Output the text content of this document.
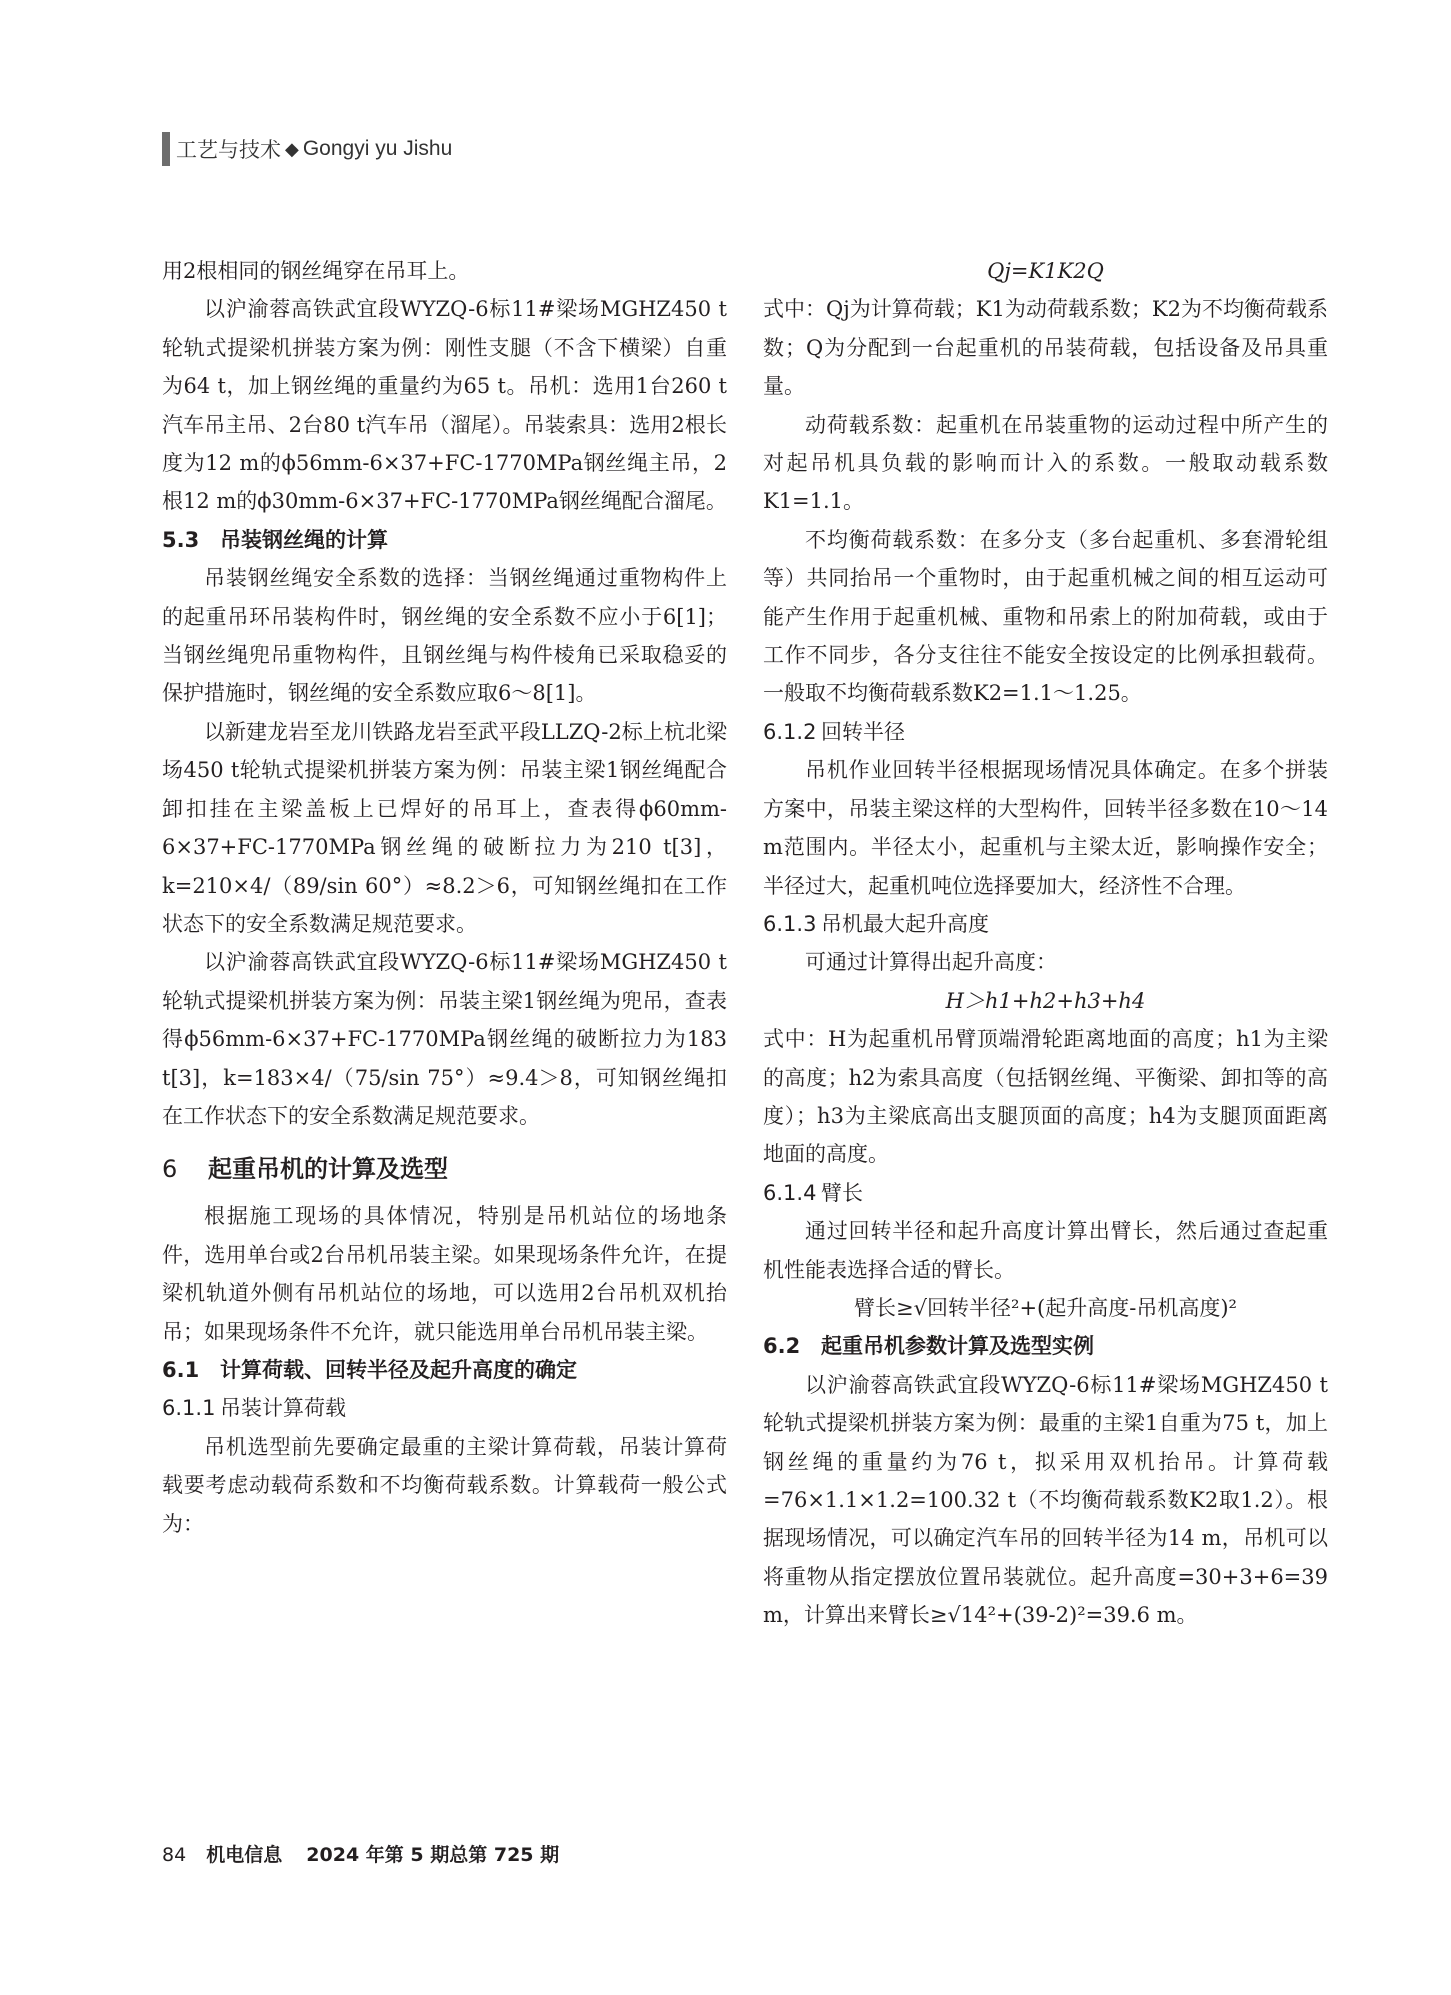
工艺与技术 ◆ Gongyi yu Jishu

用2根相同的钢丝绳穿在吊耳上。

以沪渝蓉高铁武宜段WYZQ-6标11#梁场MGHZ450 t轮轨式提梁机拼装方案为例：刚性支腿（不含下横梁）自重为64 t，加上钢丝绳的重量约为65 t。吊机：选用1台260 t汽车吊主吊、2台80 t汽车吊（溜尾）。吊装索具：选用2根长度为12 m的ϕ56mm-6×37+FC-1770MPa钢丝绳主吊，2根12 m的ϕ30mm-6×37+FC-1770MPa钢丝绳配合溜尾。

5.3 吊装钢丝绳的计算

吊装钢丝绳安全系数的选择：当钢丝绳通过重物构件上的起重吊环吊装构件时，钢丝绳的安全系数不应小于6[1]；当钢丝绳兜吊重物构件，且钢丝绳与构件棱角已采取稳妥的保护措施时，钢丝绳的安全系数应取6～8[1]。

以新建龙岩至龙川铁路龙岩至武平段LLZQ-2标上杭北梁场450 t轮轨式提梁机拼装方案为例：吊装主梁1钢丝绳配合卸扣挂在主梁盖板上已焊好的吊耳上，查表得ϕ60mm-6×37+FC-1770MPa钢丝绳的破断拉力为210 t[3]，k=210×4/（89/sin 60°）≈8.2＞6，可知钢丝绳扣在工作状态下的安全系数满足规范要求。

以沪渝蓉高铁武宜段WYZQ-6标11#梁场MGHZ450 t轮轨式提梁机拼装方案为例：吊装主梁1钢丝绳为兜吊，查表得ϕ56mm-6×37+FC-1770MPa钢丝绳的破断拉力为183 t[3]，k=183×4/（75/sin 75°）≈9.4＞8，可知钢丝绳扣在工作状态下的安全系数满足规范要求。

6 起重吊机的计算及选型

根据施工现场的具体情况，特别是吊机站位的场地条件，选用单台或2台吊机吊装主梁。如果现场条件允许，在提梁机轨道外侧有吊机站位的场地，可以选用2台吊机双机抬吊；如果现场条件不允许，就只能选用单台吊机吊装主梁。

6.1 计算荷载、回转半径及起升高度的确定

6.1.1 吊装计算荷载

吊机选型前先要确定最重的主梁计算荷载，吊装计算荷载要考虑动载荷系数和不均衡荷载系数。计算载荷一般公式为：

Qj=K1K2Q

式中：Qj为计算荷载；K1为动荷载系数；K2为不均衡荷载系数；Q为分配到一台起重机的吊装荷载，包括设备及吊具重量。

动荷载系数：起重机在吊装重物的运动过程中所产生的对起吊机具负载的影响而计入的系数。一般取动载系数K1=1.1。

不均衡荷载系数：在多分支（多台起重机、多套滑轮组等）共同抬吊一个重物时，由于起重机械之间的相互运动可能产生作用于起重机械、重物和吊索上的附加荷载，或由于工作不同步，各分支往往不能安全按设定的比例承担载荷。一般取不均衡荷载系数K2=1.1～1.25。

6.1.2 回转半径

吊机作业回转半径根据现场情况具体确定。在多个拼装方案中，吊装主梁这样的大型构件，回转半径多数在10～14 m范围内。半径太小，起重机与主梁太近，影响操作安全；半径过大，起重机吨位选择要加大，经济性不合理。

6.1.3 吊机最大起升高度

可通过计算得出起升高度：

H＞h1+h2+h3+h4

式中：H为起重机吊臂顶端滑轮距离地面的高度；h1为主梁的高度；h2为索具高度（包括钢丝绳、平衡梁、卸扣等的高度）；h3为主梁底高出支腿顶面的高度；h4为支腿顶面距离地面的高度。

6.1.4 臂长

通过回转半径和起升高度计算出臂长，然后通过查起重机性能表选择合适的臂长。

臂长≥√回转半径²+(起升高度-吊机高度)²

6.2 起重吊机参数计算及选型实例

以沪渝蓉高铁武宜段WYZQ-6标11#梁场MGHZ450 t轮轨式提梁机拼装方案为例：最重的主梁1自重为75 t，加上钢丝绳的重量约为76 t，拟采用双机抬吊。计算荷载=76×1.1×1.2=100.32 t（不均衡荷载系数K2取1.2）。根据现场情况，可以确定汽车吊的回转半径为14 m，吊机可以将重物从指定摆放位置吊装就位。起升高度=30+3+6=39 m，计算出来臂长≥√14²+(39-2)²=39.6 m。

84 机电信息 2024 年第 5 期总第 725 期
